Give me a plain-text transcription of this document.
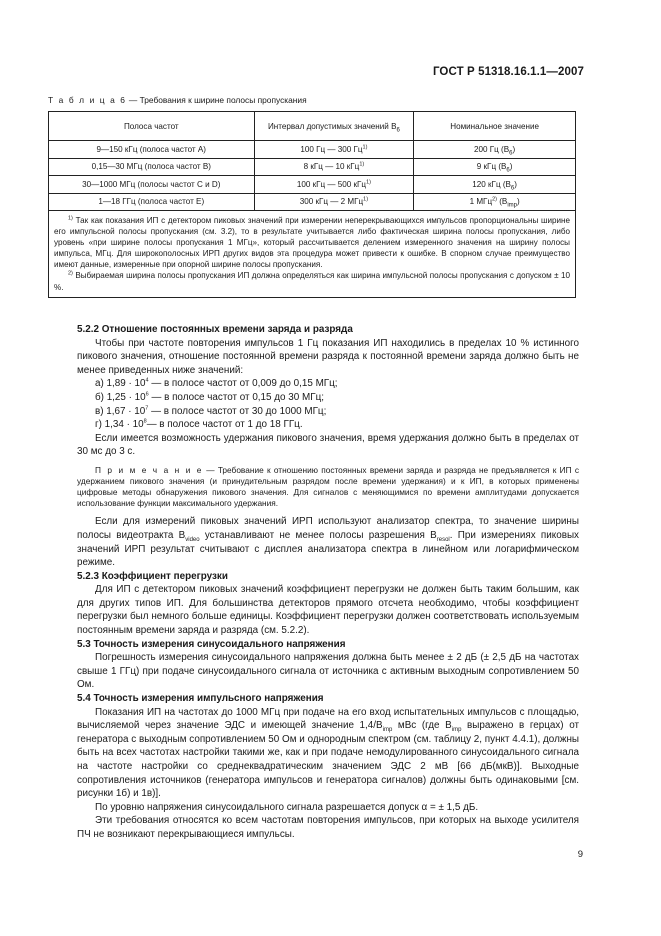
ГОСТ Р 51318.16.1.1—2007
Т а б л и ц а 6 — Требования к ширине полосы пропускания
Полоса частот	Интервал допустимых значений $B_6$	Номинальное значение
9—150 кГц (полоса частот А)	100 Гц — 300 $Гц^{1)}$	200 Гц $(B_6)$
0,15—30 МГц (полоса частот В)	8 кГц — 10 кГц$^{1)}$	9 кГц $(B_6)$
30—1000 МГц (полосы частот С и D)	100 кГц — 500 кГц$^{1)}$	120 кГц $(B_6)$
1—18 ГГц (полоса частот Е)	300 кГц — 2 МГц$^{1)}$	1 МГц$^{2)}$ $(B_{imp})$

$^{1)}$ Так как показания ИП с детектором пиковых значений при измерении неперекрывающихся импульсов пропорциональны ширине его импульсной полосы пропускания (см. 3.2), то в результате учитывается либо фактическая ширина полосы пропускания, либо уровень «при ширине полосы пропускания 1 МГц», который рассчитывается делением измеренного значения на ширину полосы импульса, МГц. Для широкополосных ИРП других видов эта процедура может привести к ошибке. В спорном случае преимущество имеют данные, измеренные при опорной ширине полосы пропускания.

$^{2)}$ Выбираемая ширина полосы пропускания ИП должна определяться как ширина импульсной полосы пропускания с допуском ± 10 %.		

5.2.2 Отношение постоянных времени заряда и разряда

Чтобы при частоте повторения импульсов 1 Гц показания ИП находились в пределах 10 % истинного пикового значения, отношение постоянной времени разряда к постоянной времени заряда должно быть не менее приведенных ниже значений:

а) $1,89 \cdot 10^4$ — в полосе частот от 0,009 до 0,15 МГц;

б) $1,25 \cdot 10^6$ — в полосе частот от 0,15 до 30 МГц;

в) $1,67 \cdot 10^7$ — в полосе частот от 30 до 1000 МГц;

г) $1,34 \cdot 10^8—$ в полосе частот от 1 до 18 ГГц.

Если имеется возможность удержания пикового значения, время удержания должно быть в пределах от 30 мс до 3 с.

П р и м е ч а н и е — Требование к отношению постоянных времени заряда и разряда не предъявляется к ИП с удержанием пикового значения (и принудительным разрядом после времени удержания) и к ИП, в которых применены цифровые методы обнаружения пикового значения. Для сигналов с меняющимися по времени амплитудами допускается использование функции максимального удержания.

Если для измерений пиковых значений ИРП используют анализатор спектра, то значение ширины полосы видеотракта $B_{video}$ устанавливают не менее полосы разрешения $B_{resol}$. При измерениях пиковых значений ИРП результат считывают с дисплея анализатора спектра в линейном или логарифмическом режиме.

5.2.3 Коэффициент перегрузки

Для ИП с детектором пиковых значений коэффициент перегрузки не должен быть таким большим, как для других типов ИП. Для большинства детекторов прямого отсчета необходимо, чтобы коэффициент перегрузки был немного больше единицы. Коэффициент перегрузки должен соответствовать используемым постоянным времени заряда и разряда (см. 5.2.2).

5.3 Точность измерения синусоидального напряжения

Погрешность измерения синусоидального напряжения должна быть менее ± 2 дБ (± 2,5 дБ на частотах свыше 1 ГГц) при подаче синусоидального сигнала от источника с активным выходным сопротивлением 50 Ом.

5.4 Точность измерения импульсного напряжения

Показания ИП на частотах до 1000 МГц при подаче на его вход испытательных импульсов с площадью, вычисляемой через значение ЭДС и имеющей значение $1,4/B_{imp}$ мВс (где $B_{imp}$ выражено в герцах) от генератора с выходным сопротивлением 50 Ом и однородным спектром (см. таблицу 2, пункт 4.4.1), должны быть на всех частотах настройки такими же, как и при подаче немодулированного синусоидального сигнала на частоте настройки со среднеквадратическим значением ЭДС 2 мВ [66 дБ(мкВ)]. Выходные сопротивления источников (генератора импульсов и генератора сигналов) должны быть одинаковыми [см. рисунки 1б) и 1в)].

По уровню напряжения синусоидального сигнала разрешается допуск α = ± 1,5 дБ.

Эти требования относятся ко всем частотам повторения импульсов, при которых на выходе усилителя ПЧ не возникают перекрывающиеся импульсы.

9
